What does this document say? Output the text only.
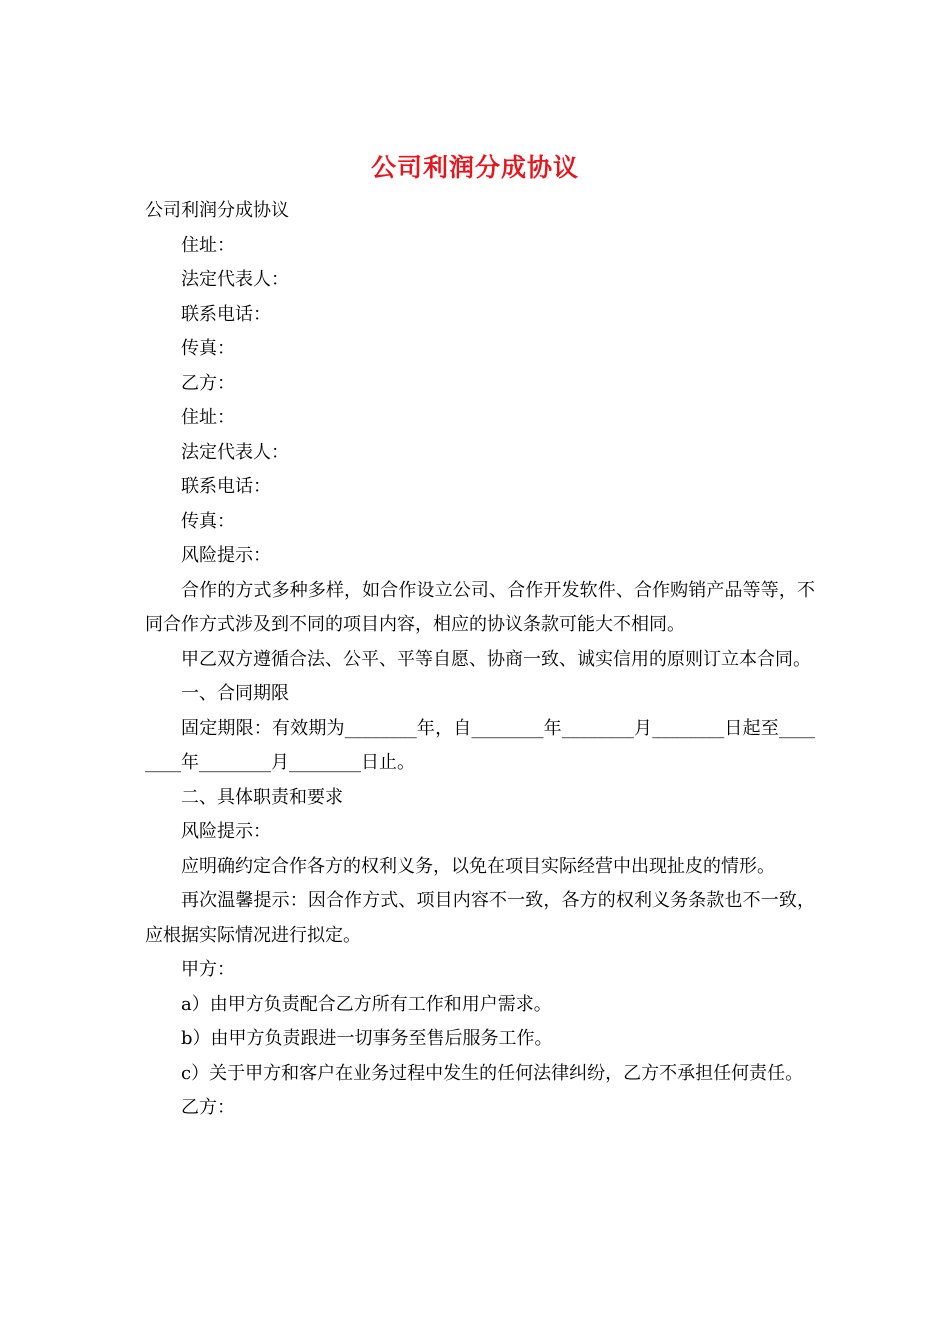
公司利润分成协议

公司利润分成协议

住址：

法定代表人：

联系电话：

传真：

乙方：

住址：

法定代表人：

联系电话：

传真：

风险提示：

合作的方式多种多样，如合作设立公司、合作开发软件、合作购销产品等等，不同合作方式涉及到不同的项目内容，相应的协议条款可能大不相同。

甲乙双方遵循合法、公平、平等自愿、协商一致、诚实信用的原则订立本合同。

一、合同期限

固定期限：有效期为________年，自________年________月________日起至________年________月________日止。

二、具体职责和要求

风险提示：

应明确约定合作各方的权利义务，以免在项目实际经营中出现扯皮的情形。

再次温馨提示：因合作方式、项目内容不一致，各方的权利义务条款也不一致，应根据实际情况进行拟定。

甲方：

a）由甲方负责配合乙方所有工作和用户需求。

b）由甲方负责跟进一切事务至售后服务工作。

c）关于甲方和客户在业务过程中发生的任何法律纠纷，乙方不承担任何责任。

乙方：
